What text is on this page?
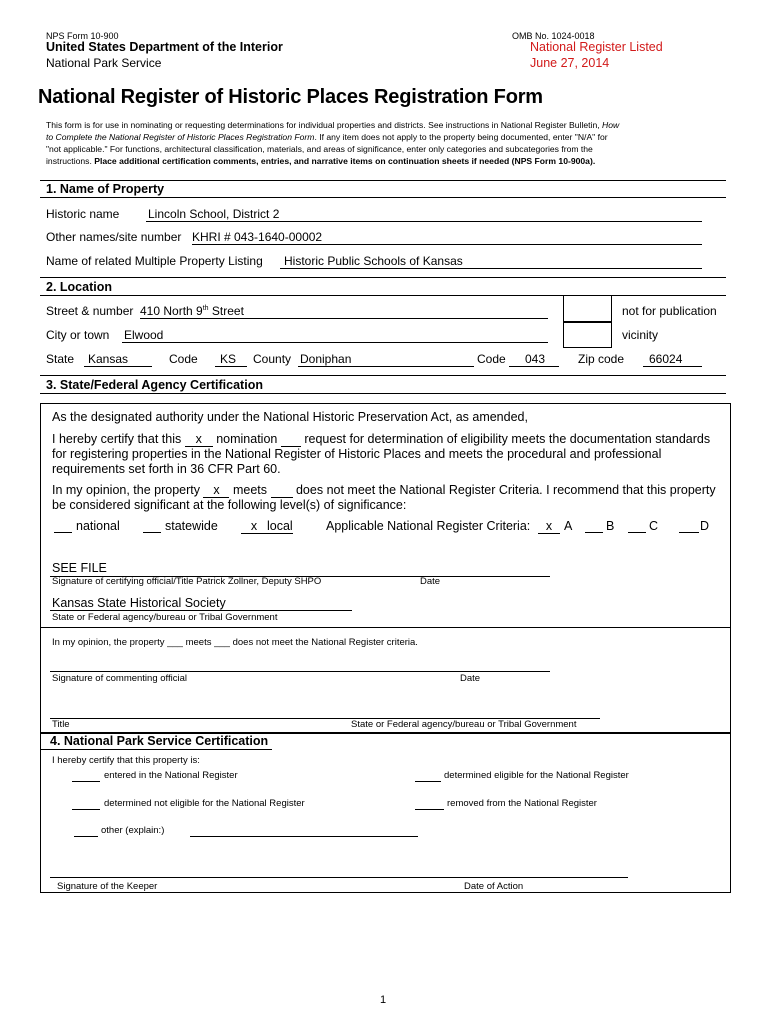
NPS Form 10-900	OMB No. 1024-0018
United States Department of the Interior
National Park Service
National Register Listed
June 27, 2014
National Register of Historic Places Registration Form
This form is for use in nominating or requesting determinations for individual properties and districts. See instructions in National Register Bulletin, How
to Complete the National Register of Historic Places Registration Form. If any item does not apply to the property being documented, enter "N/A" for
"not applicable." For functions, architectural classification, materials, and areas of significance, enter only categories and subcategories from the
instructions. Place additional certification comments, entries, and narrative items on continuation sheets if needed (NPS Form 10-900a).
1. Name of Property
Historic name Lincoln School, District 2
Other names/site number KHRI # 043-1640-00002
Name of related Multiple Property Listing	Historic Public Schools of Kansas
2. Location
Street & number 410 North 9th Street	not for publication
City or town Elwood	vicinity
State	Kansas	Code	KS	County Doniphan	Code	043	Zip code	66024
3. State/Federal Agency Certification
As the designated authority under the National Historic Preservation Act, as amended,
I hereby certify that this x nomination request for determination of eligibility meets the documentation standards
for registering properties in the National Register of Historic Places and meets the procedural and professional
requirements set forth in 36 CFR Part 60.
In my opinion, the property x meets does not meet the National Register Criteria. I recommend that this property
be considered significant at the following level(s) of significance:
national	statewide	x local	Applicable National Register Criteria:	x A	B	C	D
SEE FILE
Signature of certifying official/Title Patrick Zollner, Deputy SHPO	Date
Kansas State Historical Society
State or Federal agency/bureau or Tribal Government
In my opinion, the property ___ meets ___ does not meet the National Register criteria.
Signature of commenting official	Date
Title	State or Federal agency/bureau or Tribal Government
4. National Park Service Certification
I hereby certify that this property is:
entered in the National Register	determined eligible for the National Register
determined not eligible for the National Register	removed from the National Register
other (explain:)
Signature of the Keeper	Date of Action
1
